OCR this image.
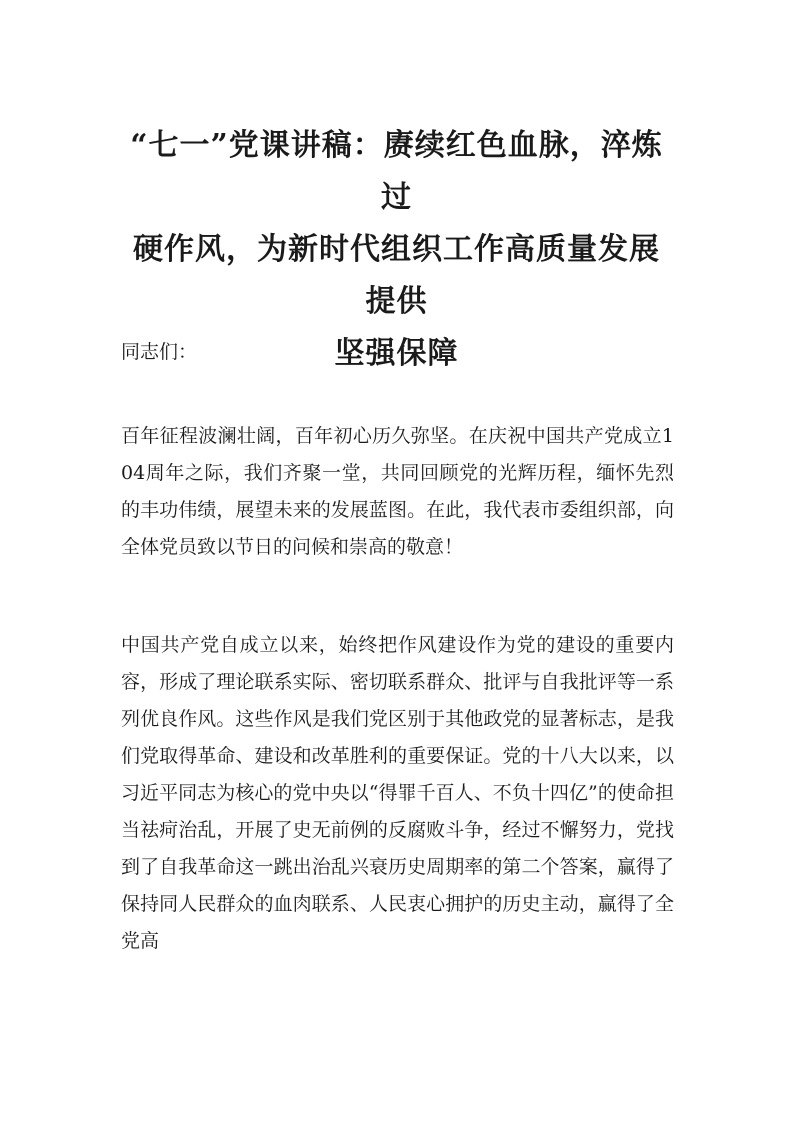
“七一”党课讲稿：赓续红色血脉，淬炼过
硬作风，为新时代组织工作高质量发展提供
坚强保障

同志们：

百年征程波澜壮阔，百年初心历久弥坚。在庆祝中国共产党成立104周年之际，我们齐聚一堂，共同回顾党的光辉历程，缅怀先烈的丰功伟绩，展望未来的发展蓝图。在此，我代表市委组织部，向全体党员致以节日的问候和崇高的敬意！

中国共产党自成立以来，始终把作风建设作为党的建设的重要内容，形成了理论联系实际、密切联系群众、批评与自我批评等一系列优良作风。这些作风是我们党区别于其他政党的显著标志，是我们党取得革命、建设和改革胜利的重要保证。党的十八大以来，以习近平同志为核心的党中央以“得罪千百人、不负十四亿”的使命担当祛疴治乱，开展了史无前例的反腐败斗争，经过不懈努力，党找到了自我革命这一跳出治乱兴衰历史周期率的第二个答案，赢得了保持同人民群众的血肉联系、人民衷心拥护的历史主动，赢得了全党高
